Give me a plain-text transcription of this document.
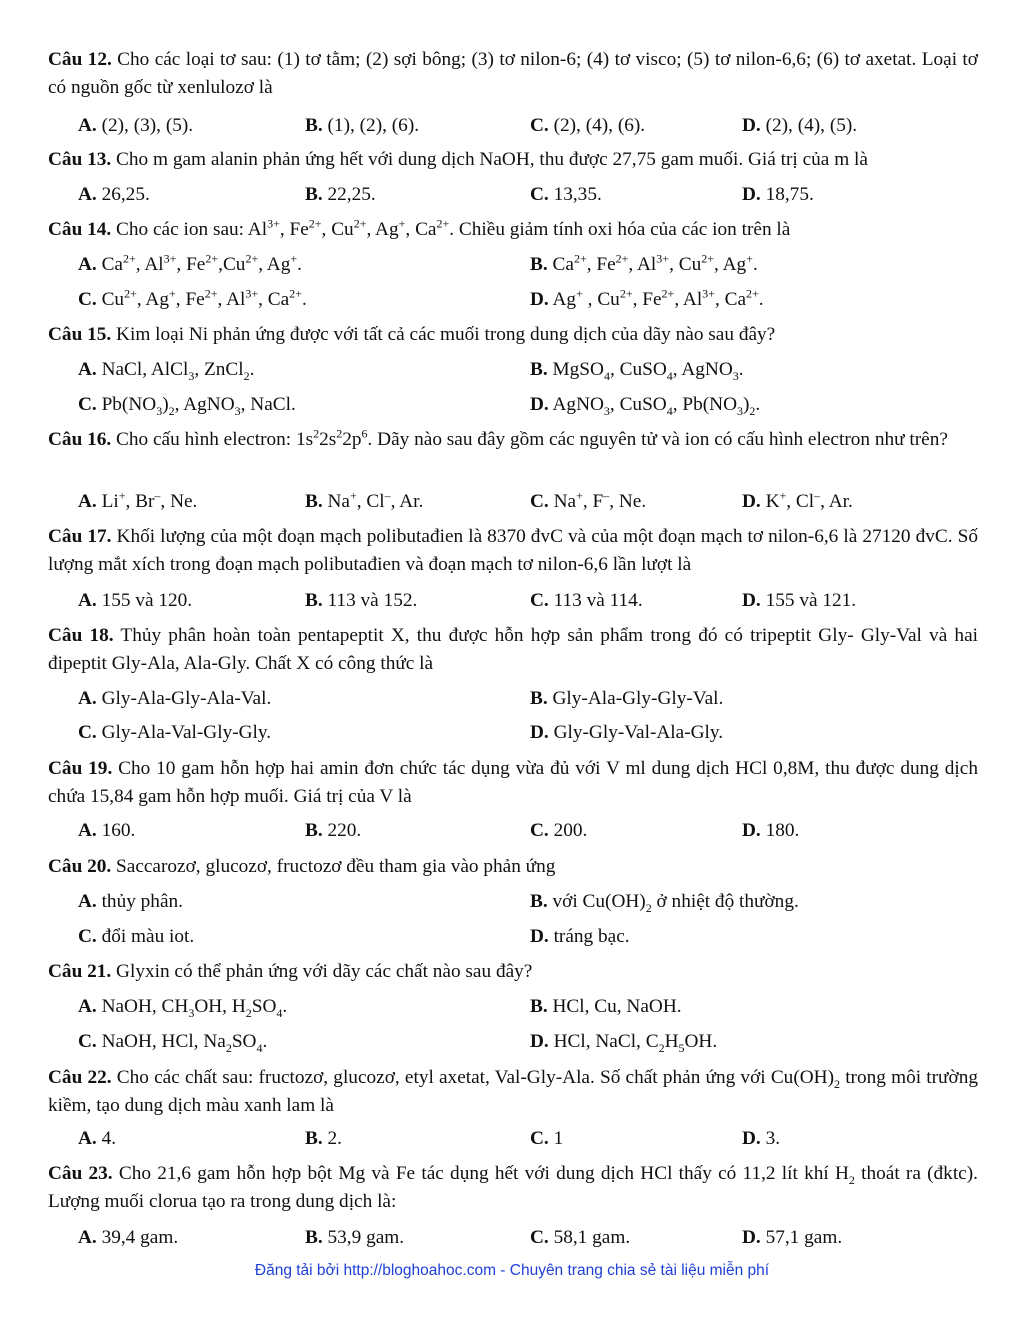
Câu 12. Cho các loại tơ sau: (1) tơ tằm; (2) sợi bông; (3) tơ nilon-6; (4) tơ visco; (5) tơ nilon-6,6; (6) tơ axetat. Loại tơ có nguồn gốc từ xenlulozơ là
A. (2), (3), (5).	B. (1), (2), (6).	C. (2), (4), (6).	D. (2), (4), (5).
Câu 13. Cho m gam alanin phản ứng hết với dung dịch NaOH, thu được 27,75 gam muối. Giá trị của m là
A. 26,25.	B. 22,25.	C. 13,35.	D. 18,75.
Câu 14. Cho các ion sau: $Al^{3+}$, $Fe^{2+}$, $Cu^{2+}$, Ag+, $Ca^{2+}$. Chiều giảm tính oxi hóa của các ion trên là
A. $Ca^{2+}$, $Al^{3+}$, $Fe^{2+},Cu^{2+}$, Ag+.	B. $Ca^{2+}$, $Fe^{2+}$, $Al^{3+}$, $Cu^{2+}$, Ag+.
C. $Cu^{2+}$, Ag+, $Fe^{2+}$, $Al^{3+}$, $Ca^{2+}$.	D. Ag+ , $Cu^{2+}$, $Fe^{2+}$, $Al^{3+}$, $Ca^{2+}$.
Câu 15. Kim loại Ni phản ứng được với tất cả các muối trong dung dịch của dãy nào sau đây?
A. NaCl, AlCl$_3$, ZnCl$_2$.	B. MgSO$_4$, CuSO$_4$, AgNO$_3$.
C. $Pb(NO_3)_2$, AgNO$_3$, NaCl.	D. AgNO$_3$, CuSO$_4$, $Pb(NO_3)_2$.
Câu 16. Cho cấu hình electron: $1s^22s^22p^6$. Dãy nào sau đây gồm các nguyên tử và ion có cấu hình electron như trên?
A. Li+, Br–, Ne.	B. Na+, Cl–, Ar.	C. Na+, F–, Ne.	D. K+, Cl–, Ar.
Câu 17. Khối lượng của một đoạn mạch polibutađien là 8370 đvC và của một đoạn mạch tơ nilon-6,6 là 27120 đvC. Số lượng mắt xích trong đoạn mạch polibutađien và đoạn mạch tơ nilon-6,6 lần lượt là
A. 155 và 120.	B. 113 và 152.	C. 113 và 114.	D. 155 và 121.
Câu 18. Thủy phân hoàn toàn pentapeptit X, thu được hỗn hợp sản phẩm trong đó có tripeptit Gly- Gly-Val và hai đipeptit Gly-Ala, Ala-Gly. Chất X có công thức là
A. Gly-Ala-Gly-Ala-Val.	B. Gly-Ala-Gly-Gly-Val.
C. Gly-Ala-Val-Gly-Gly.	D. Gly-Gly-Val-Ala-Gly.
Câu 19. Cho 10 gam hỗn hợp hai amin đơn chức tác dụng vừa đủ với V ml dung dịch HCl 0,8M, thu được dung dịch chứa 15,84 gam hỗn hợp muối. Giá trị của V là
A. 160.	B. 220.	C. 200.	D. 180.
Câu 20. Saccarozơ, glucozơ, fructozơ đều tham gia vào phản ứng
A. thủy phân.	B. với $Cu(OH)_2$ ở nhiệt độ thường.
C. đổi màu iot.	D. tráng bạc.
Câu 21. Glyxin có thể phản ứng với dãy các chất nào sau đây?
A. NaOH, $CH_3OH$, $H_2SO_4$.	B. HCl, Cu, NaOH.
C. NaOH, HCl, $Na_2SO_4$.	D. HCl, NaCl, $C_2H_5OH$.
Câu 22. Cho các chất sau: fructozơ, glucozơ, etyl axetat, Val-Gly-Ala. Số chất phản ứng với $Cu(OH)_2$ trong môi trường kiềm, tạo dung dịch màu xanh lam là
A. 4.	B. 2.	C. 1	D. 3.
Câu 23. Cho 21,6 gam hỗn hợp bột Mg và Fe tác dụng hết với dung dịch HCl thấy có 11,2 lít khí $H_2$ thoát ra (đktc). Lượng muối clorua tạo ra trong dung dịch là:
A. 39,4 gam.	B. 53,9 gam.	C. 58,1 gam.	D. 57,1 gam.
Đăng tải bởi http://bloghoahoc.com - Chuyên trang chia sẻ tài liệu miễn phí
